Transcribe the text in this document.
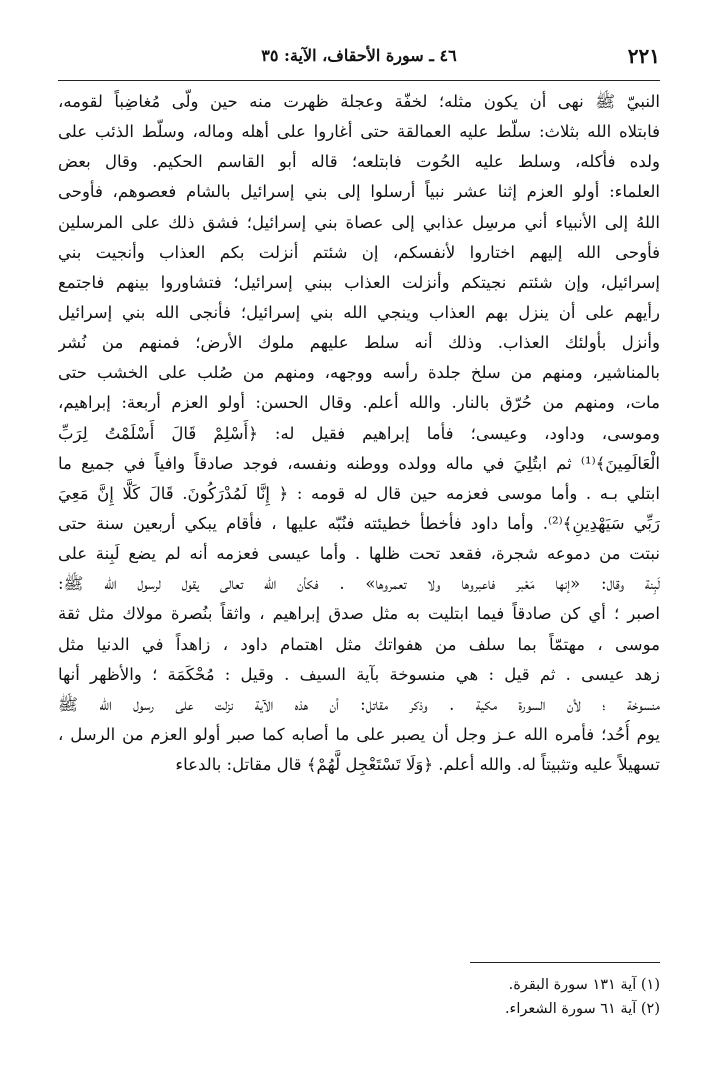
٢٢١
٤٦ ـ سورة الأحقاف، الآية: ٣٥
النبيّ ﷺ نهى أن يكون مثله؛ لخفّة وعجلة ظهرت منه حين ولّى مُغاضِباً لقومه،
فابتلاه الله بثلاث: سلّط عليه العمالقة حتى أغاروا على أهله وماله، وسلّط الذئب على
ولده فأكله، وسلط عليه الحُوت فابتلعه؛ قاله أبو القاسم الحكيم. وقال بعض
العلماء: أولو العزم إثنا عشر نبياً أرسلوا إلى بني إسرائيل بالشام فعصوهم، فأوحى
اللهُ إلى الأنبياء أني مرسِل عذابي إلى عصاة بني إسرائيل؛ فشق ذلك على المرسلين
فأوحى الله إليهم اختاروا لأنفسكم، إن شئتم أنزلت بكم العذاب وأنجيت بني
إسرائيل، وإن شئتم نجيتكم وأنزلت العذاب ببني إسرائيل؛ فتشاوروا بينهم فاجتمع
رأيهم على أن ينزل بهم العذاب وينجي الله بني إسرائيل؛ فأنجى الله بني إسرائيل
وأنزل بأولئك العذاب. وذلك أنه سلط عليهم ملوك الأرض؛ فمنهم من نُشر
بالمناشير، ومنهم من سلخ جلدة رأسه ووجهه، ومنهم من صُلب على الخشب حتى
مات، ومنهم من حُرّق بالنار. والله أعلم. وقال الحسن: أولو العزم أربعة: إبراهيم،
وموسى، وداود، وعيسى؛ فأما إبراهيم فقيل له: ﴿أَسْلِمْ قَالَ أَسْلَمْتُ لِرَبِّ
الْعَالَمِينَ﴾⁽¹⁾ ثم ابتُلِيَ في ماله وولده ووطنه ونفسه، فوجد صادقاً وافياً في جميع ما
ابتلي بـه . وأما موسى فعزمه حين قال له قومه : ﴿ إِنَّا لَمُدْرَكُونَ. قَالَ كَلَّا إِنَّ مَعِيَ
رَبِّي سَيَهْدِينِ﴾⁽²⁾. وأما داود فأخطأ خطيئته فنُبّه عليها ، فأقام يبكي أربعين سنة حتى
نبتت من دموعه شجرة، فقعد تحت ظلها . وأما عيسى فعزمه أنه لم يضع لَبِنة على
لَبِنة وقال: «إنها مَعْبر فاعبروها ولا تعمروها» . فكأن الله تعالى يقول لرسول الله ﷺ:
اصبر ؛ أي كن صادقاً فيما ابتليت به مثل صدق إبراهيم ، واثقاً بنُصرة مولاك مثل ثقة
موسى ، مهتمّاً بما سلف من هفواتك مثل اهتمام داود ، زاهداً في الدنيا مثل
زهد عيسى . ثم قيل : هي منسوخة بآية السيف . وقيل : مُحْكَمَة ؛ والأظهر أنها
منسوخة ؛ لأن السورة مكية . وذكر مقاتل: أن هذه الآية نزلت على رسول الله ﷺ
يوم أُحُد؛ فأمره الله عـز وجل أن يصبر على ما أصابه كما صبر أولو العزم من الرسل ،
تسهيلاً عليه وتثبيتاً له. والله أعلم. ﴿وَلَا تَسْتَعْجِل لَّهُمْ﴾ قال مقاتل: بالدعاء
(١) آية ١٣١ سورة البقرة.
(٢) آية ٦١ سورة الشعراء.
